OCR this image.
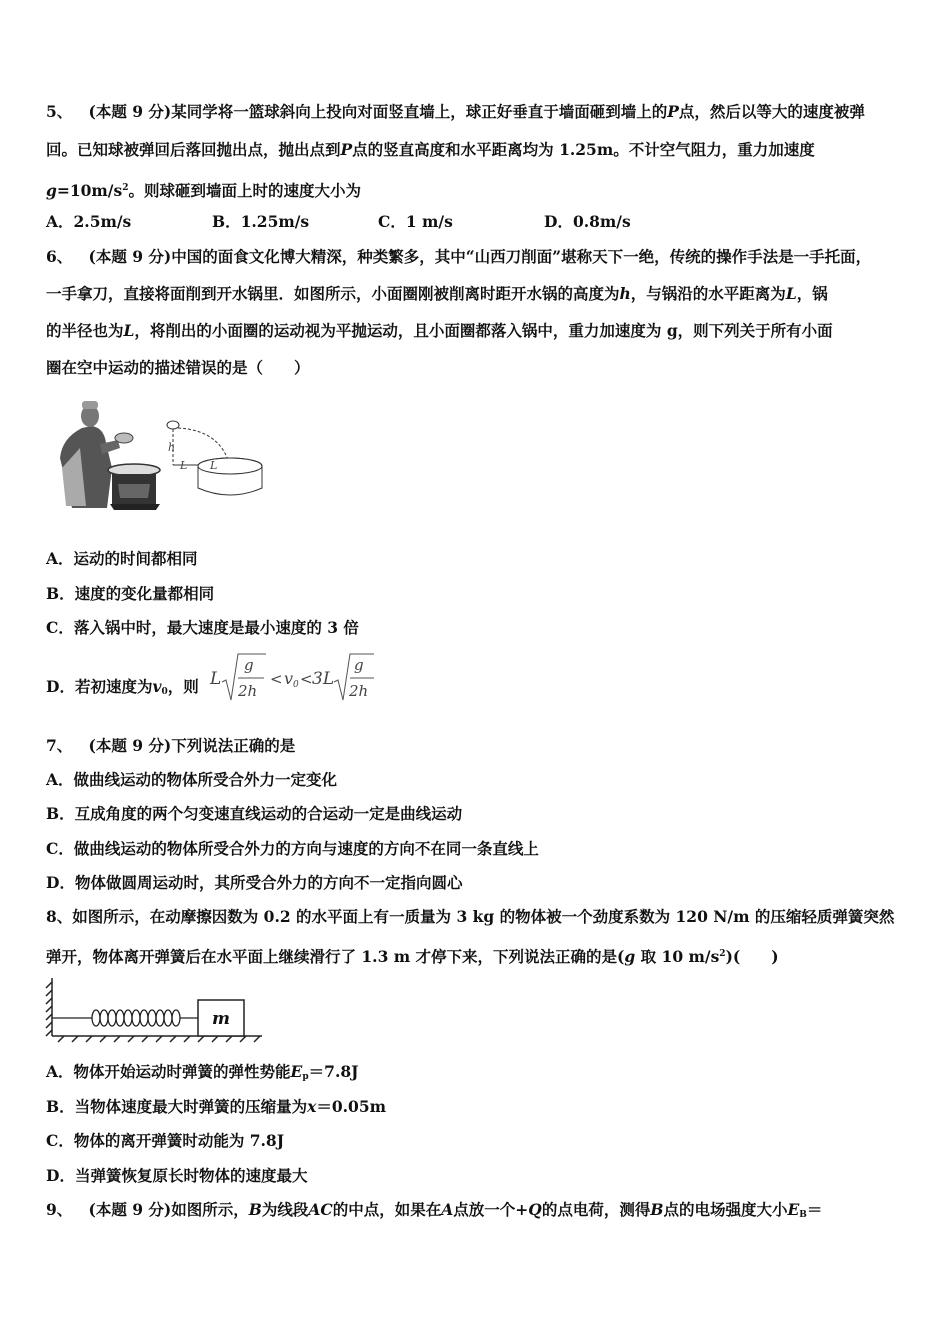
5、 (本题 9 分)某同学将一篮球斜向上投向对面竖直墙上，球正好垂直于墙面砸到墙上的P点，然后以等大的速度被弹
回。已知球被弹回后落回抛出点，抛出点到P点的竖直高度和水平距离均为 1.25m。不计空气阻力，重力加速度
$g=10m/s^2$。则球砸到墙面上时的速度大小为
A．2.5m/s	B．1.25m/s	C．1 m/s	D．0.8m/s
6、 (本题 9 分)中国的面食文化博大精深，种类繁多，其中“山西刀削面”堪称天下一绝，传统的操作手法是一手托面，
一手拿刀，直接将面削到开水锅里．如图所示，小面圈刚被削离时距开水锅的高度为h，与锅沿的水平距离为L，锅
的半径也为L，将削出的小面圈的运动视为平抛运动，且小面圈都落入锅中，重力加速度为 g，则下列关于所有小面
圈在空中运动的描述错误的是（　　）
h
L L
A．运动的时间都相同
B．速度的变化量都相同
C．落入锅中时，最大速度是最小速度的 3 倍
D．若初速度为$v_0$，则 L
g
2h
< v 0 < 3L
g
2h
7、 (本题 9 分)下列说法正确的是
A．做曲线运动的物体所受合外力一定变化
B．互成角度的两个匀变速直线运动的合运动一定是曲线运动
C．做曲线运动的物体所受合外力的方向与速度的方向不在同一条直线上
D．物体做圆周运动时，其所受合外力的方向不一定指向圆心
8、如图所示，在动摩擦因数为 0.2 的水平面上有一质量为 3 kg 的物体被一个劲度系数为 120 N/m 的压缩轻质弹簧突然
弹开，物体离开弹簧后在水平面上继续滑行了 1.3 m 才停下来，下列说法正确的是(g 取 10 $m/s^2$)(　　)
m
A．物体开始运动时弹簧的弹性势能$E_p=7.8J$
B．当物体速度最大时弹簧的压缩量为x＝0.05m
C．物体的离开弹簧时动能为 7.8J
D．当弹簧恢复原长时物体的速度最大
9、 (本题 9 分)如图所示，B为线段AC的中点，如果在A点放一个+Q的点电荷，测得B点的电场强度大小$E_B=$
